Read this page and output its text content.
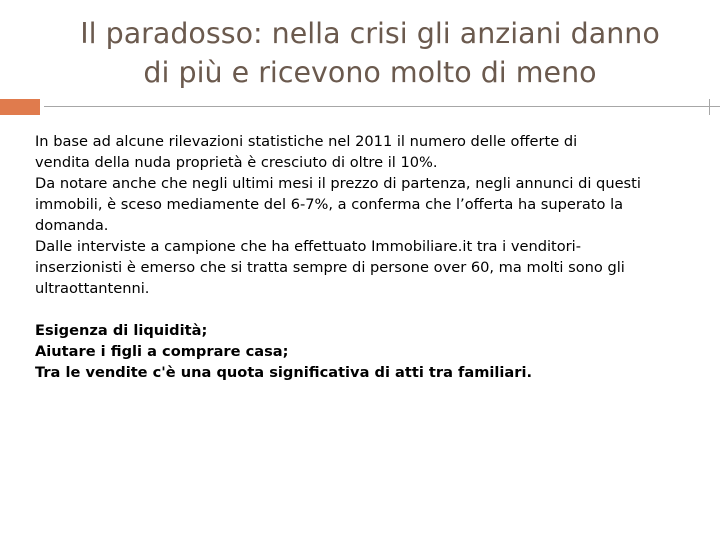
Il paradosso: nella crisi gli anziani danno
di più e ricevono molto di meno

In base ad alcune rilevazioni statistiche nel 2011 il numero delle offerte di
vendita della nuda proprietà è cresciuto di oltre il 10%.

Da notare anche che negli ultimi mesi il prezzo di partenza, negli annunci di questi
immobili, è sceso mediamente del 6-7%, a conferma che l’offerta ha superato la
domanda.

Dalle interviste a campione che ha effettuato Immobiliare.it tra i venditori-
inserzionisti è emerso che si tratta sempre di persone over 60, ma molti sono gli
ultraottantenni.

Esigenza di liquidità;

Aiutare i figli a comprare casa;

Tra le vendite c'è una quota significativa di atti tra familiari.
